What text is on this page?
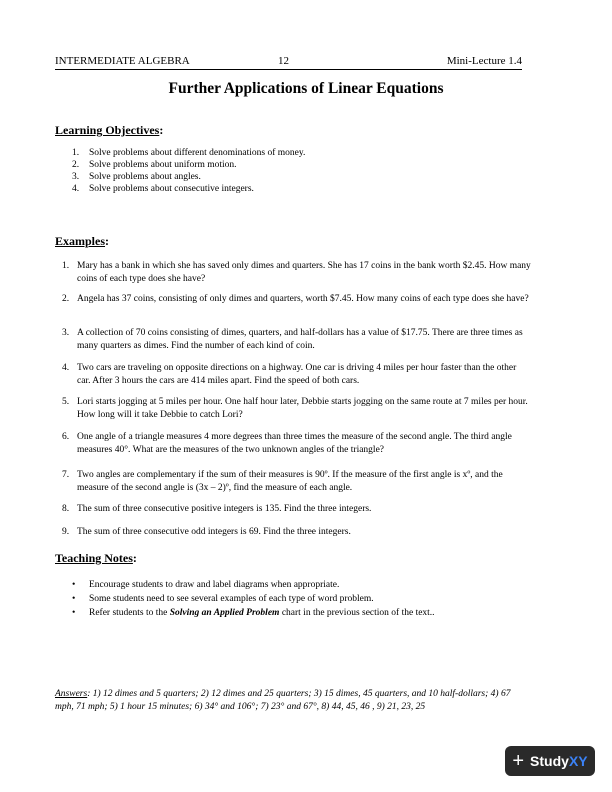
INTERMEDIATE ALGEBRA	12	Mini-Lecture 1.4
Further Applications of Linear Equations
Learning Objectives:
1.	Solve problems about different denominations of money.
2.	Solve problems about uniform motion.
3.	Solve problems about angles.
4.	Solve problems about consecutive integers.
Examples:
1. Mary has a bank in which she has saved only dimes and quarters. She has 17 coins in the bank worth $2.45. How many coins of each type does she have?
2. Angela has 37 coins, consisting of only dimes and quarters, worth $7.45. How many coins of each type does she have?
3. A collection of 70 coins consisting of dimes, quarters, and half-dollars has a value of $17.75. There are three times as many quarters as dimes. Find the number of each kind of coin.
4. Two cars are traveling on opposite directions on a highway. One car is driving 4 miles per hour faster than the other car. After 3 hours the cars are 414 miles apart. Find the speed of both cars.
5. Lori starts jogging at 5 miles per hour. One half hour later, Debbie starts jogging on the same route at 7 miles per hour. How long will it take Debbie to catch Lori?
6. One angle of a triangle measures 4 more degrees than three times the measure of the second angle. The third angle measures 40°. What are the measures of the two unknown angles of the triangle?
7. Two angles are complementary if the sum of their measures is 90º. If the measure of the first angle is xº, and the measure of the second angle is (3x – 2)º, find the measure of each angle.
8. The sum of three consecutive positive integers is 135. Find the three integers.
9. The sum of three consecutive odd integers is 69. Find the three integers.
Teaching Notes:
•	Encourage students to draw and label diagrams when appropriate.
•	Some students need to see several examples of each type of word problem.
•	Refer students to the Solving an Applied Problem chart in the previous section of the text..
Answers: 1) 12 dimes and 5 quarters; 2) 12 dimes and 25 quarters; 3) 15 dimes, 45 quarters, and 10 half-dollars; 4) 67 mph, 71 mph; 5) 1 hour 15 minutes; 6) 34° and 106°; 7) 23° and 67°, 8) 44, 45, 46 , 9) 21, 23, 25
+ StudyXY
